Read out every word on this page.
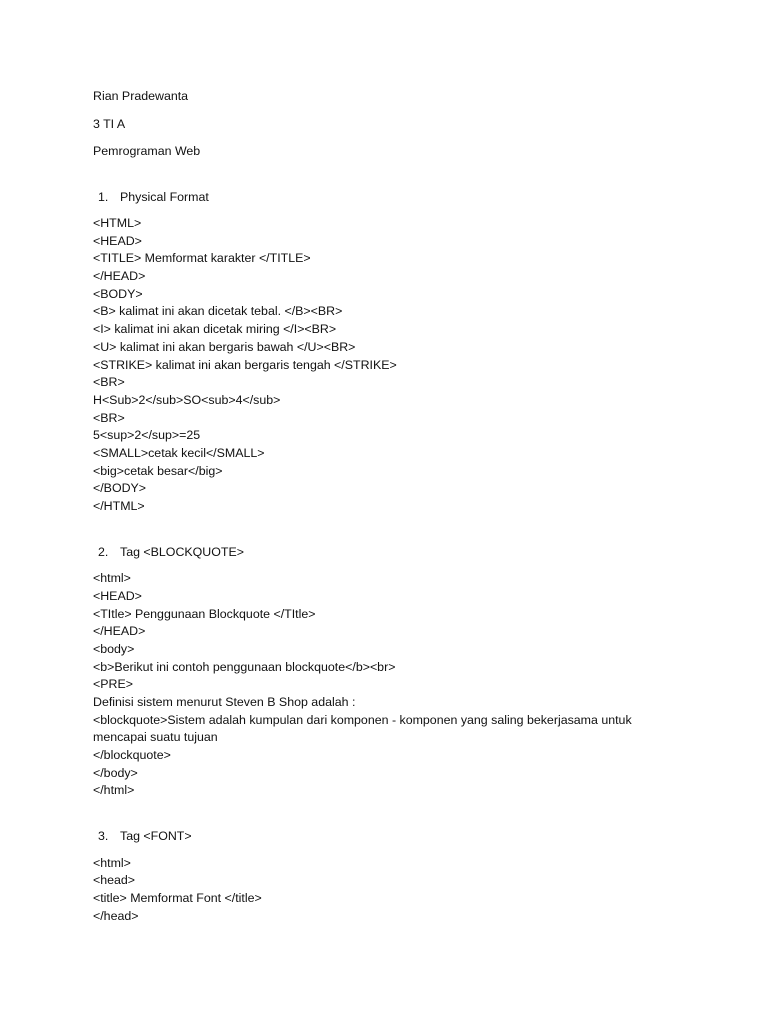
Rian Pradewanta
3 TI A
Pemrograman Web
1. Physical Format
<HTML>
<HEAD>
<TITLE> Memformat karakter </TITLE>
</HEAD>
<BODY>
<B> kalimat ini akan dicetak tebal. </B><BR>
<I> kalimat ini akan dicetak miring </I><BR>
<U> kalimat ini akan bergaris bawah </U><BR>
<STRIKE> kalimat ini akan bergaris tengah </STRIKE>
<BR>
H<Sub>2</sub>SO<sub>4</sub>
<BR>
5<sup>2</sup>=25
<SMALL>cetak kecil</SMALL>
<big>cetak besar</big>
</BODY>
</HTML>
2. Tag <BLOCKQUOTE>
<html>
<HEAD>
<TItle> Penggunaan Blockquote </TItle>
</HEAD>
<body>
<b>Berikut ini contoh penggunaan blockquote</b><br>
<PRE>
Definisi sistem menurut Steven B Shop adalah :
<blockquote>Sistem adalah kumpulan dari komponen - komponen yang saling bekerjasama untuk
mencapai suatu tujuan
</blockquote>
</body>
</html>
3. Tag <FONT>
<html>
<head>
<title> Memformat Font </title>
</head>
